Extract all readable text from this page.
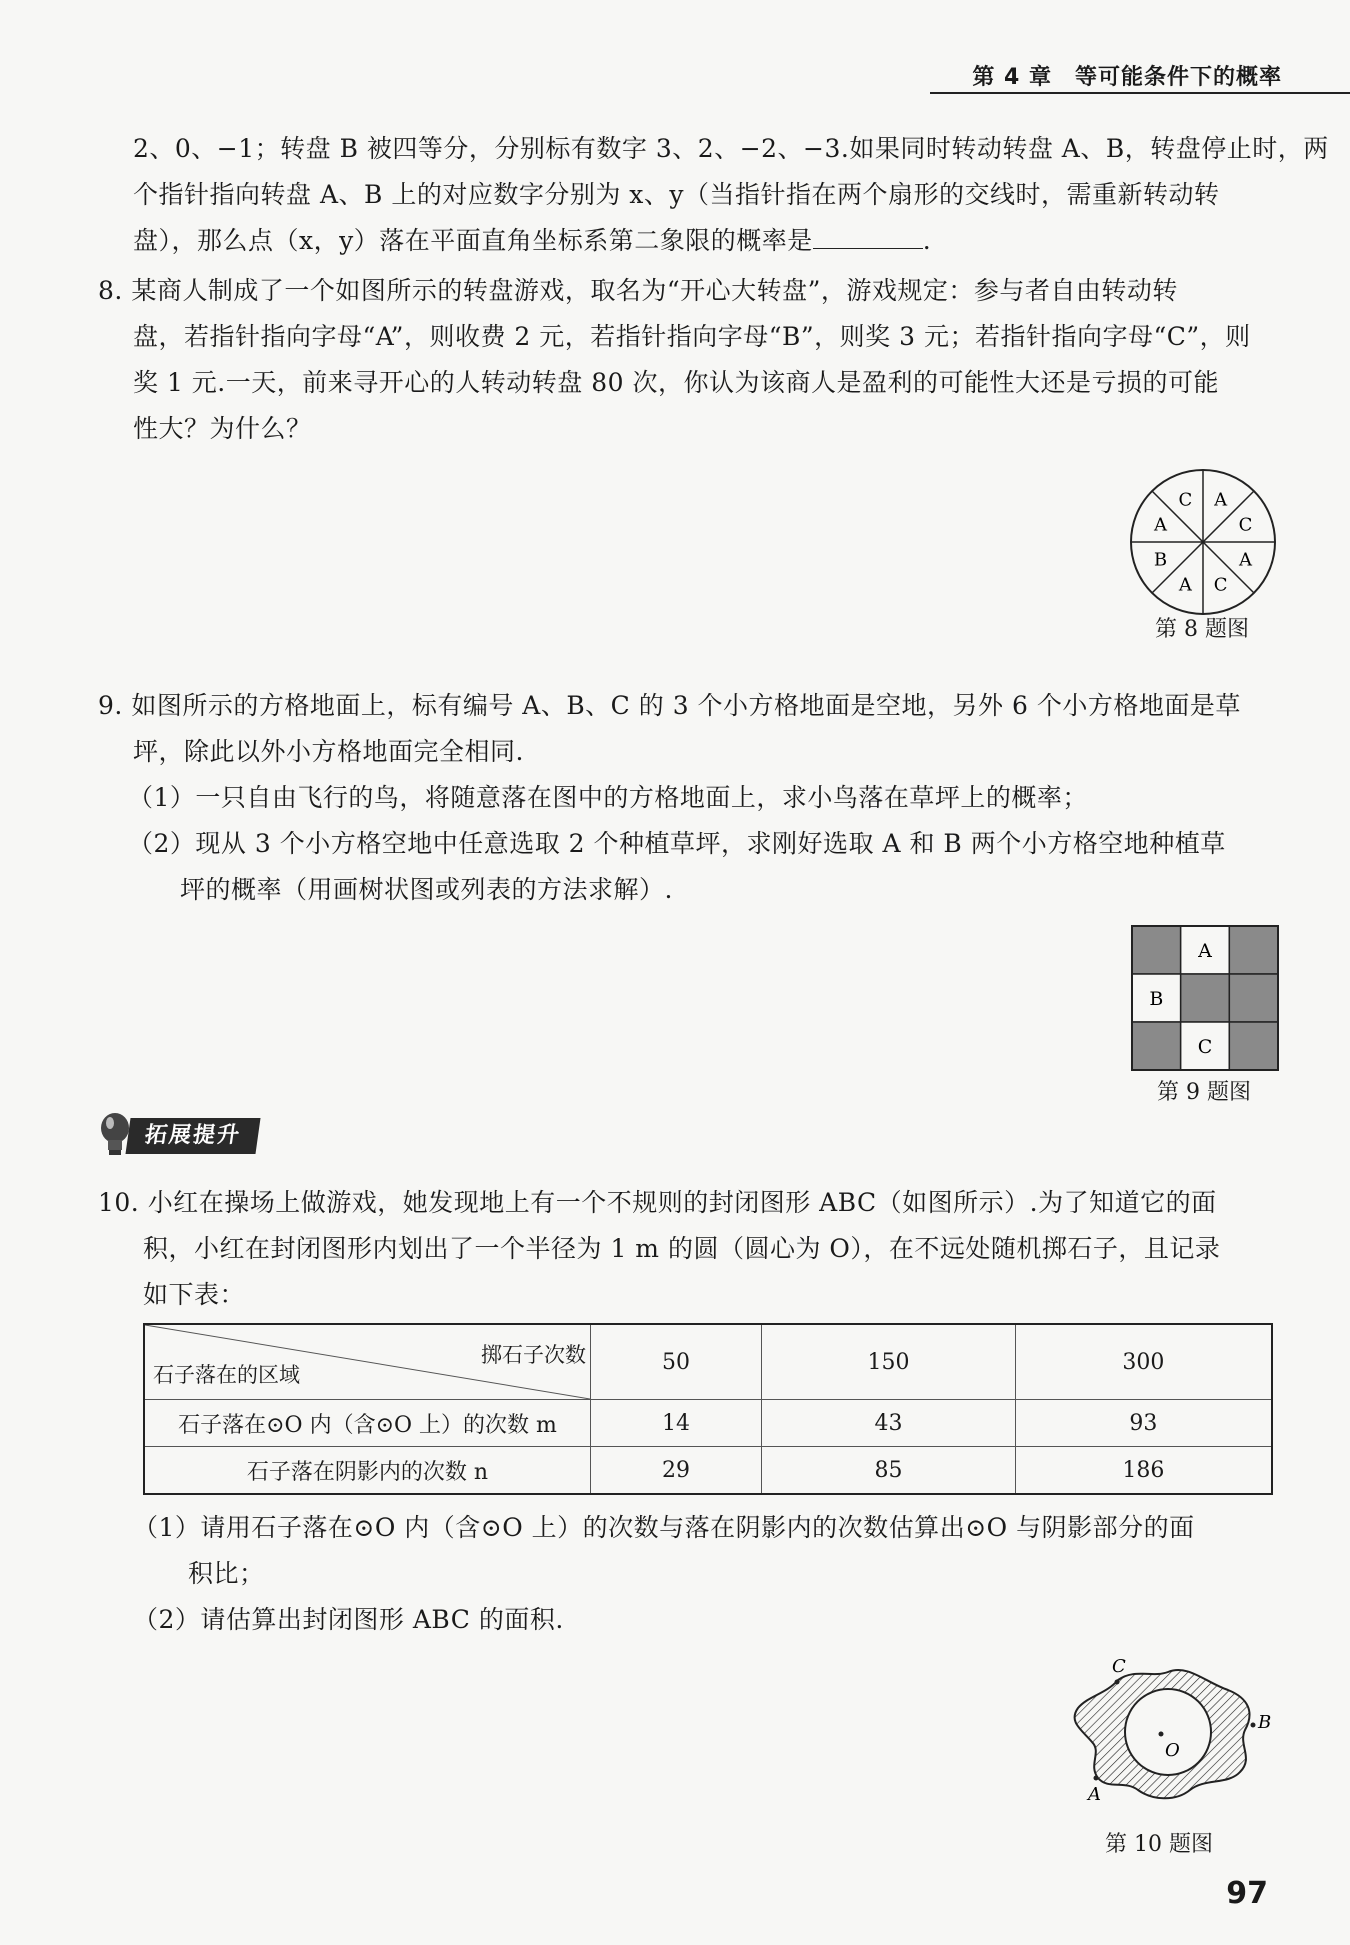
第 4 章　等可能条件下的概率
2、0、−1；转盘 B 被四等分，分别标有数字 3、2、−2、−3.如果同时转动转盘 A、B，转盘停止时，两
个指针指向转盘 A、B 上的对应数字分别为 x、y（当指针指在两个扇形的交线时，需重新转动转
盘），那么点（x，y）落在平面直角坐标系第二象限的概率是	.
8. 某商人制成了一个如图所示的转盘游戏，取名为“开心大转盘”，游戏规定：参与者自由转动转
盘，若指针指向字母“A”，则收费 2 元，若指针指向字母“B”，则奖 3 元；若指针指向字母“C”，则
奖 1 元.一天，前来寻开心的人转动转盘 80 次，你认为该商人是盈利的可能性大还是亏损的可能
性大？为什么？
C A
C
A
C
A
B
A
第 8 题图
9. 如图所示的方格地面上，标有编号 A、B、C 的 3 个小方格地面是空地，另外 6 个小方格地面是草
坪，除此以外小方格地面完全相同.
（1）一只自由飞行的鸟，将随意落在图中的方格地面上，求小鸟落在草坪上的概率；
（2）现从 3 个小方格空地中任意选取 2 个种植草坪，求刚好选取 A 和 B 两个小方格空地种植草
坪的概率（用画树状图或列表的方法求解）.
A
B
C
第 9 题图
拓展提升
10. 小红在操场上做游戏，她发现地上有一个不规则的封闭图形 ABC（如图所示）.为了知道它的面
积，小红在封闭图形内划出了一个半径为 1 m 的圆（圆心为 O），在不远处随机掷石子，且记录
如下表：
掷石子次数
石子落在的区域	50	150	300
石子落在⊙O 内（含⊙O 上）的次数 m	14	43	93
石子落在阴影内的次数 n	29	85	186
（1）请用石子落在⊙O 内（含⊙O 上）的次数与落在阴影内的次数估算出⊙O 与阴影部分的面
积比；
（2）请估算出封闭图形 ABC 的面积.
C
B
A
O
第 10 题图
97
